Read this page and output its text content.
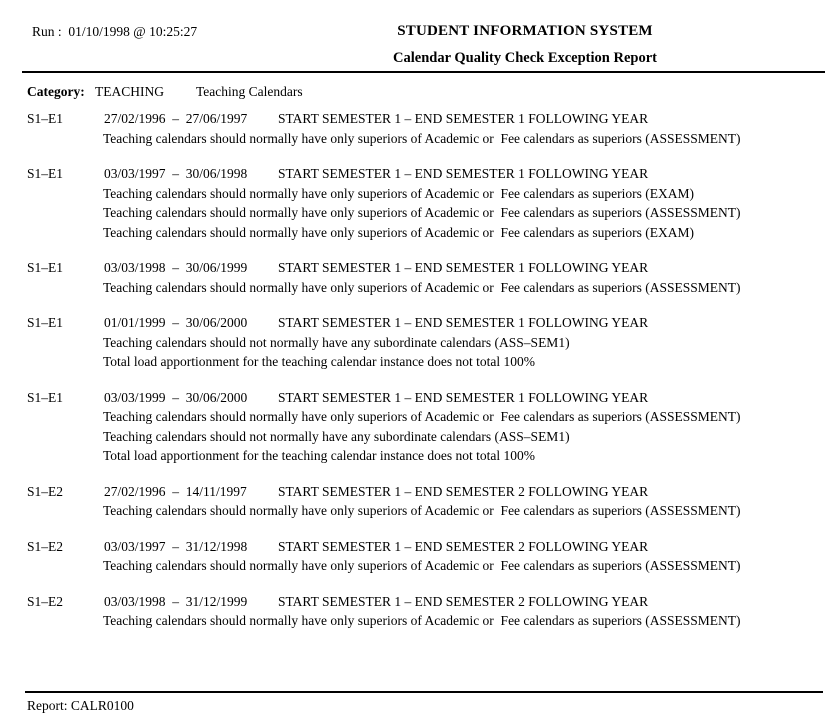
Run :  01/10/1998 @ 10:25:27	STUDENT INFORMATION SYSTEM
Calendar Quality Check Exception Report
Category: TEACHING	Teaching Calendars
S1–E1	27/02/1996  –  27/06/1997	START SEMESTER 1 – END SEMESTER 1 FOLLOWING YEAR
Teaching calendars should normally have only superiors of Academic or  Fee calendars as superiors (ASSESSMENT)
S1–E1	03/03/1997  –  30/06/1998	START SEMESTER 1 – END SEMESTER 1 FOLLOWING YEAR
Teaching calendars should normally have only superiors of Academic or  Fee calendars as superiors (EXAM)
Teaching calendars should normally have only superiors of Academic or  Fee calendars as superiors (ASSESSMENT)
Teaching calendars should normally have only superiors of Academic or  Fee calendars as superiors (EXAM)
S1–E1	03/03/1998  –  30/06/1999	START SEMESTER 1 – END SEMESTER 1 FOLLOWING YEAR
Teaching calendars should normally have only superiors of Academic or  Fee calendars as superiors (ASSESSMENT)
S1–E1	01/01/1999  –  30/06/2000	START SEMESTER 1 – END SEMESTER 1 FOLLOWING YEAR
Teaching calendars should not normally have any subordinate calendars (ASS–SEM1)
Total load apportionment for the teaching calendar instance does not total 100%
S1–E1	03/03/1999  –  30/06/2000	START SEMESTER 1 – END SEMESTER 1 FOLLOWING YEAR
Teaching calendars should normally have only superiors of Academic or  Fee calendars as superiors (ASSESSMENT)
Teaching calendars should not normally have any subordinate calendars (ASS–SEM1)
Total load apportionment for the teaching calendar instance does not total 100%
S1–E2	27/02/1996  –  14/11/1997	START SEMESTER 1 – END SEMESTER 2 FOLLOWING YEAR
Teaching calendars should normally have only superiors of Academic or  Fee calendars as superiors (ASSESSMENT)
S1–E2	03/03/1997  –  31/12/1998	START SEMESTER 1 – END SEMESTER 2 FOLLOWING YEAR
Teaching calendars should normally have only superiors of Academic or  Fee calendars as superiors (ASSESSMENT)
S1–E2	03/03/1998  –  31/12/1999	START SEMESTER 1 – END SEMESTER 2 FOLLOWING YEAR
Teaching calendars should normally have only superiors of Academic or  Fee calendars as superiors (ASSESSMENT)
Report: CALR0100
